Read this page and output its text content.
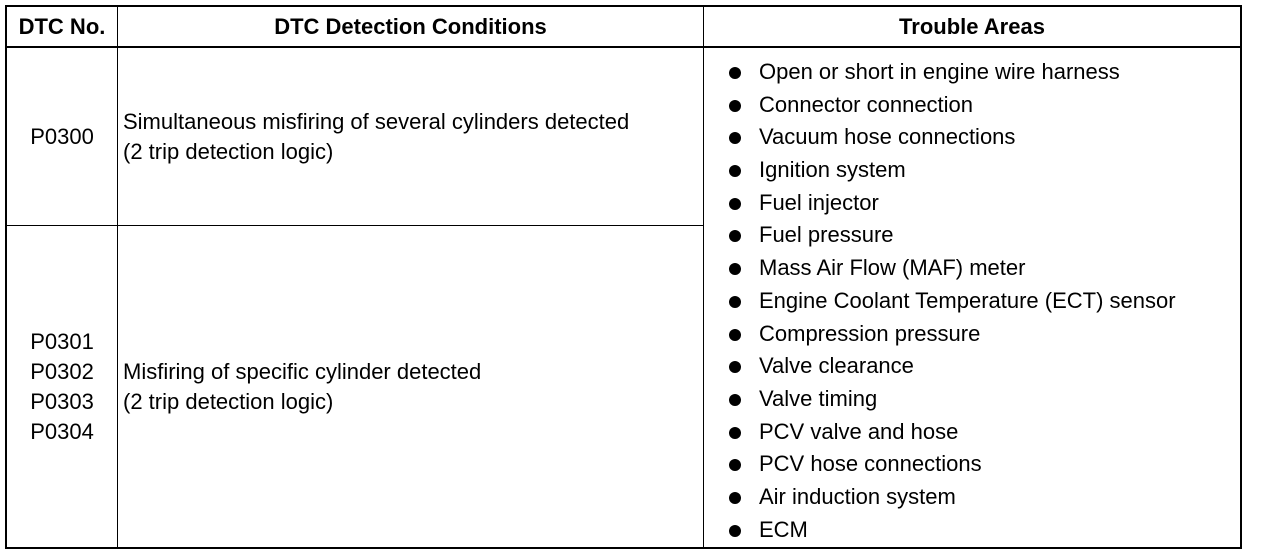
DTC No.	DTC Detection Conditions	Trouble Areas
P0300
Simultaneous misfiring of several cylinders detected
(2 trip detection logic)
P0301
P0302
P0303
P0304
Misfiring of specific cylinder detected
(2 trip detection logic)
Open or short in engine wire harness
Connector connection
Vacuum hose connections
Ignition system
Fuel injector
Fuel pressure
Mass Air Flow (MAF) meter
Engine Coolant Temperature (ECT) sensor
Compression pressure
Valve clearance
Valve timing
PCV valve and hose
PCV hose connections
Air induction system
ECM
